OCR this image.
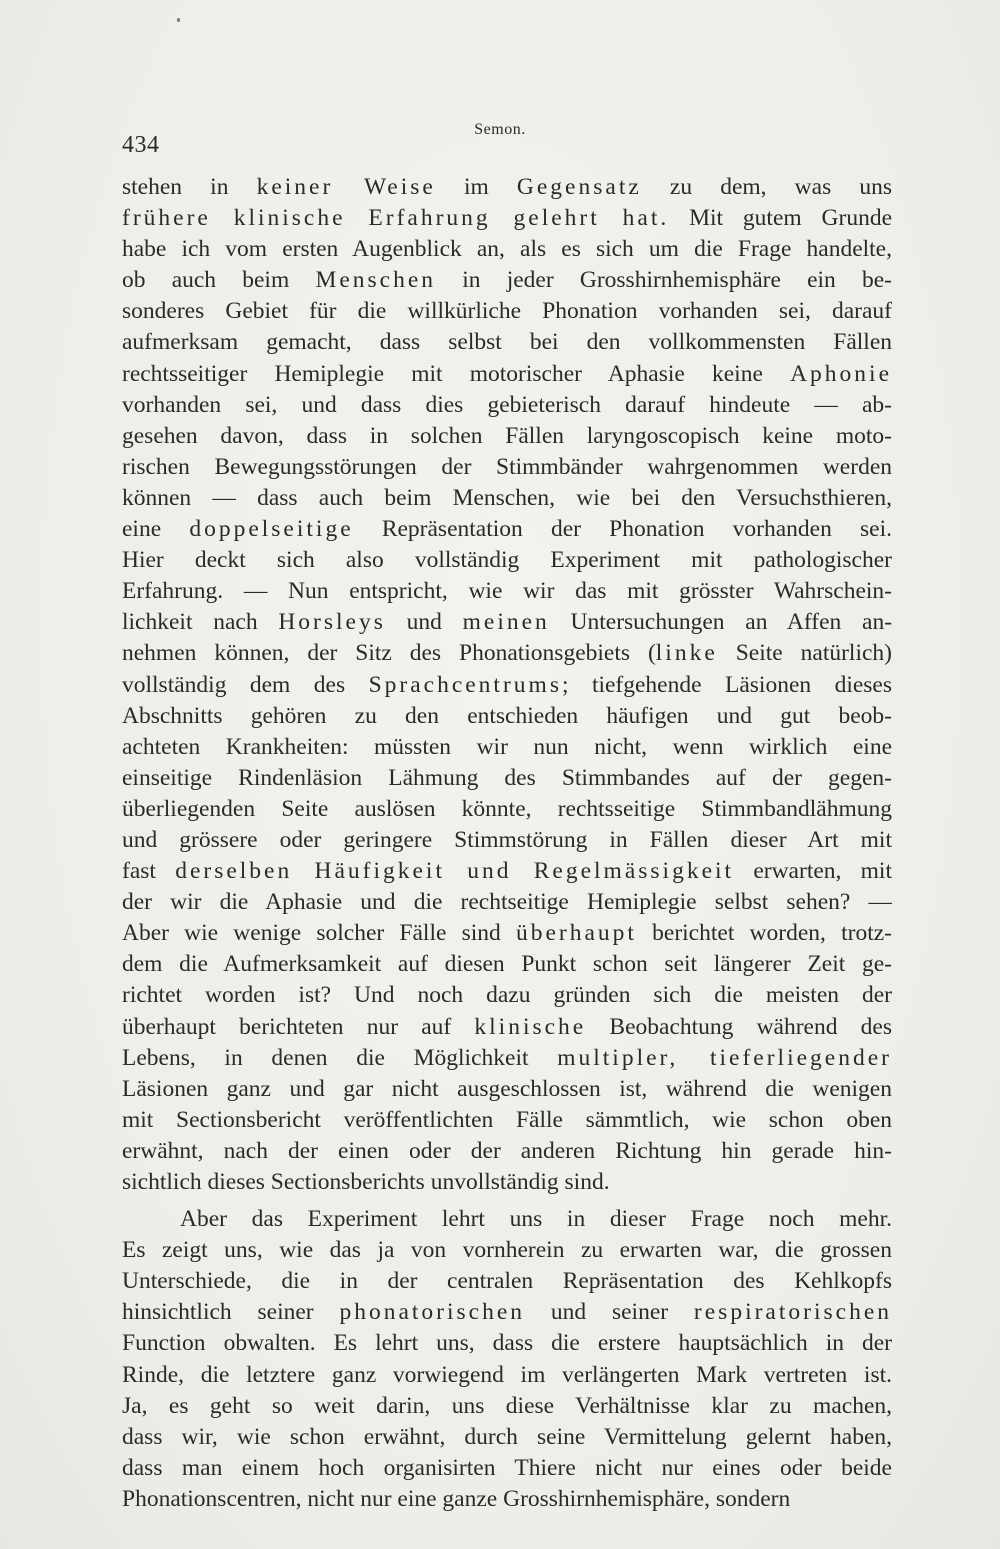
434
Semon.
stehen in keiner Weise im Gegensatz zu dem, was uns
frühere klinische Erfahrung gelehrt hat. Mit gutem Grunde
habe ich vom ersten Augenblick an, als es sich um die Frage handelte,
ob auch beim Menschen in jeder Grosshirnhemisphäre ein be-
sonderes Gebiet für die willkürliche Phonation vorhanden sei, darauf
aufmerksam gemacht, dass selbst bei den vollkommensten Fällen
rechtsseitiger Hemiplegie mit motorischer Aphasie keine Aphonie
vorhanden sei, und dass dies gebieterisch darauf hindeute — ab-
gesehen davon, dass in solchen Fällen laryngoscopisch keine moto-
rischen Bewegungsstörungen der Stimmbänder wahrgenommen werden
können — dass auch beim Menschen, wie bei den Versuchsthieren,
eine doppelseitige Repräsentation der Phonation vorhanden sei.
Hier deckt sich also vollständig Experiment mit pathologischer
Erfahrung. — Nun entspricht, wie wir das mit grösster Wahrschein-
lichkeit nach Horsleys und meinen Untersuchungen an Affen an-
nehmen können, der Sitz des Phonationsgebiets (linke Seite natürlich)
vollständig dem des Sprachcentrums; tiefgehende Läsionen dieses
Abschnitts gehören zu den entschieden häufigen und gut beob-
achteten Krankheiten: müssten wir nun nicht, wenn wirklich eine
einseitige Rindenläsion Lähmung des Stimmbandes auf der gegen-
überliegenden Seite auslösen könnte, rechtsseitige Stimmbandlähmung
und grössere oder geringere Stimmstörung in Fällen dieser Art mit
fast derselben Häufigkeit und Regelmässigkeit erwarten, mit
der wir die Aphasie und die rechtseitige Hemiplegie selbst sehen? —
Aber wie wenige solcher Fälle sind überhaupt berichtet worden, trotz-
dem die Aufmerksamkeit auf diesen Punkt schon seit längerer Zeit ge-
richtet worden ist? Und noch dazu gründen sich die meisten der
überhaupt berichteten nur auf klinische Beobachtung während des
Lebens, in denen die Möglichkeit multipler, tieferliegender
Läsionen ganz und gar nicht ausgeschlossen ist, während die wenigen
mit Sectionsbericht veröffentlichten Fälle sämmtlich, wie schon oben
erwähnt, nach der einen oder der anderen Richtung hin gerade hin-
sichtlich dieses Sectionsberichts unvollständig sind.
Aber das Experiment lehrt uns in dieser Frage noch mehr.
Es zeigt uns, wie das ja von vornherein zu erwarten war, die grossen
Unterschiede, die in der centralen Repräsentation des Kehlkopfs
hinsichtlich seiner phonatorischen und seiner respiratorischen
Function obwalten. Es lehrt uns, dass die erstere hauptsächlich in der
Rinde, die letztere ganz vorwiegend im verlängerten Mark vertreten ist.
Ja, es geht so weit darin, uns diese Verhältnisse klar zu machen,
dass wir, wie schon erwähnt, durch seine Vermittelung gelernt haben,
dass man einem hoch organisirten Thiere nicht nur eines oder beide
Phonationscentren, nicht nur eine ganze Grosshirnhemisphäre, sondern
